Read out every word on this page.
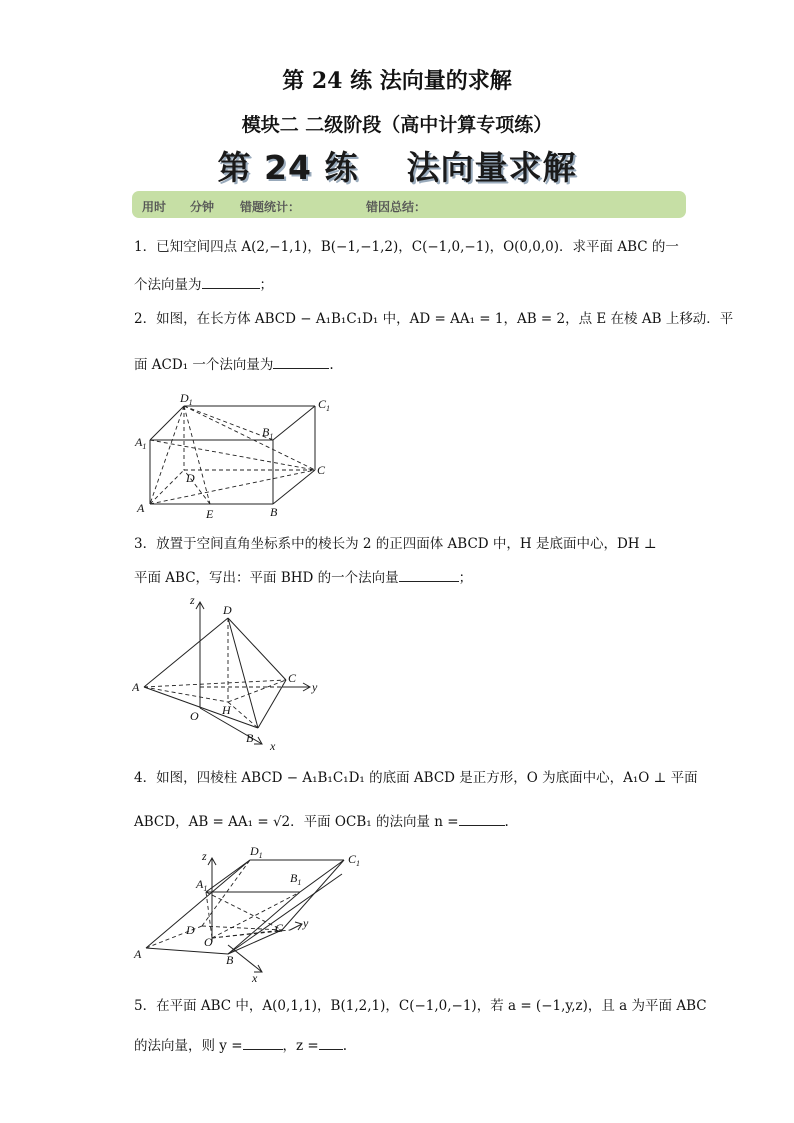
第 24 练 法向量的求解
模块二 二级阶段（高中计算专项练）
第 24 练 法向量求解
用时 分钟 错题统计：	错因总结：
1．已知空间四点 A(2,−1,1)，B(−1,−1,2)，C(−1,0,−1)，O(0,0,0)．求平面 ABC 的一
个法向量为	；
2．如图，在长方体 ABCD − A₁B₁C₁D₁ 中，AD = AA₁ = 1，AB = 2，点 E 在棱 AB 上移动．平
面 ACD₁ 一个法向量为	.
$D_1$	$C_1$
$A_1$
$B_1$
D
C
A	E	B
3．放置于空间直角坐标系中的棱长为 2 的正四面体 ABCD 中，H 是底面中心，DH ⊥
平面 ABC，写出：平面 BHD 的一个法向量	；
z
D
A
C
y
H
O
B
x
4．如图，四棱柱 ABCD − A₁B₁C₁D₁ 的底面 ABCD 是正方形，O 为底面中心，A₁O ⊥ 平面
ABCD，AB = AA₁ = √2．平面 OCB₁ 的法向量 n =	.
z	$D_1$	$C_1$
$A_1$
$B_1$
D
O
C y
A	B
x
5．在平面 ABC 中，A(0,1,1)，B(1,2,1)，C(−1,0,−1)，若 a = (−1,y,z)，且 a 为平面 ABC
的法向量，则 y =	，z = .
